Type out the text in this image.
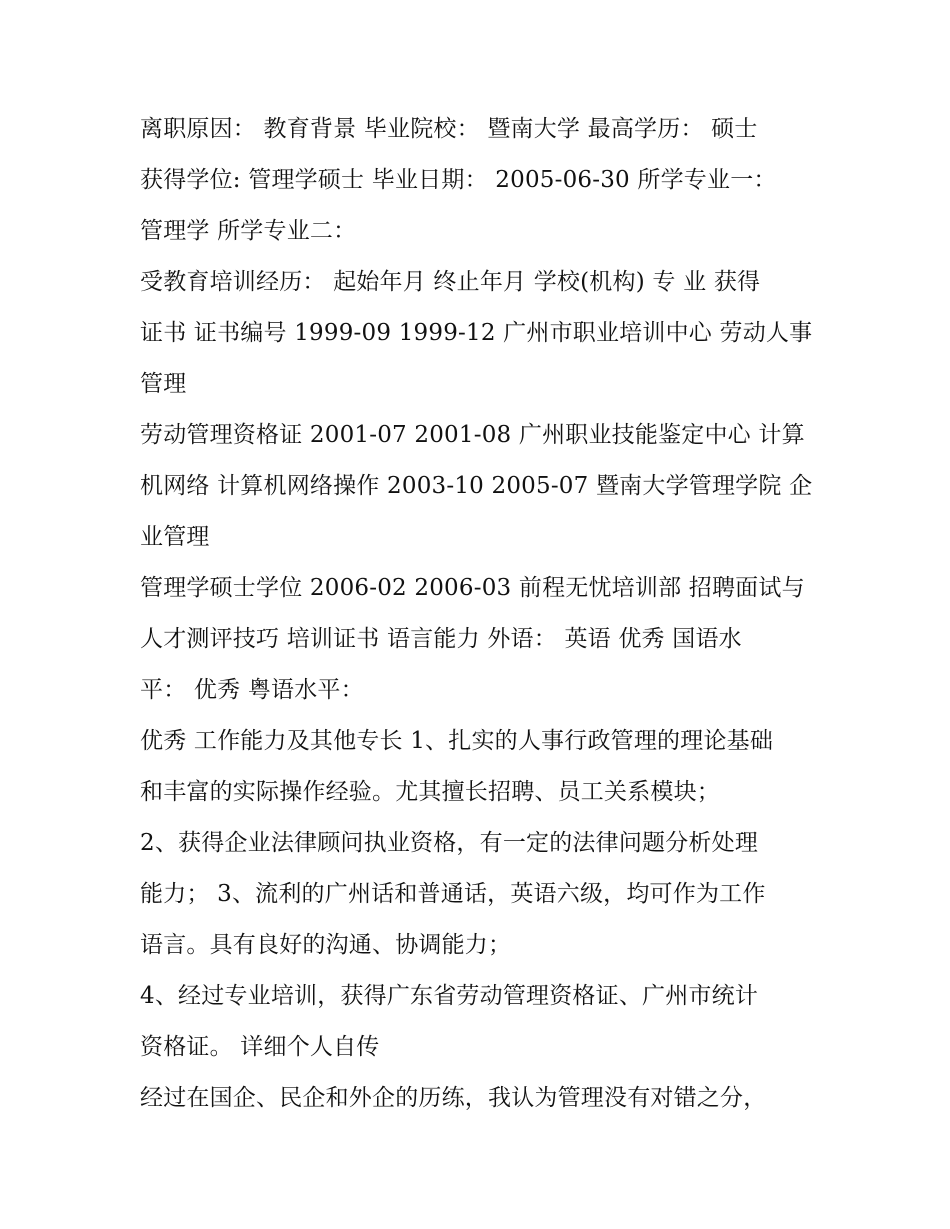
离职原因： 教育背景 毕业院校： 暨南大学 最高学历： 硕士
获得学位: 管理学硕士 毕业日期： 2005-06-30 所学专业一：
管理学 所学专业二：
受教育培训经历： 起始年月 终止年月 学校(机构) 专 业 获得
证书 证书编号 1999-09 1999-12 广州市职业培训中心 劳动人事
管理
劳动管理资格证 2001-07 2001-08 广州职业技能鉴定中心 计算
机网络 计算机网络操作 2003-10 2005-07 暨南大学管理学院 企
业管理
管理学硕士学位 2006-02 2006-03 前程无忧培训部 招聘面试与
人才测评技巧 培训证书 语言能力 外语： 英语 优秀 国语水
平： 优秀 粤语水平：
优秀 工作能力及其他专长 1、扎实的人事行政管理的理论基础
和丰富的实际操作经验。尤其擅长招聘、员工关系模块；
2、获得企业法律顾问执业资格，有一定的法律问题分析处理
能力； 3、流利的广州话和普通话，英语六级，均可作为工作
语言。具有良好的沟通、协调能力；
4、经过专业培训，获得广东省劳动管理资格证、广州市统计
资格证。 详细个人自传
经过在国企、民企和外企的历练，我认为管理没有对错之分，
